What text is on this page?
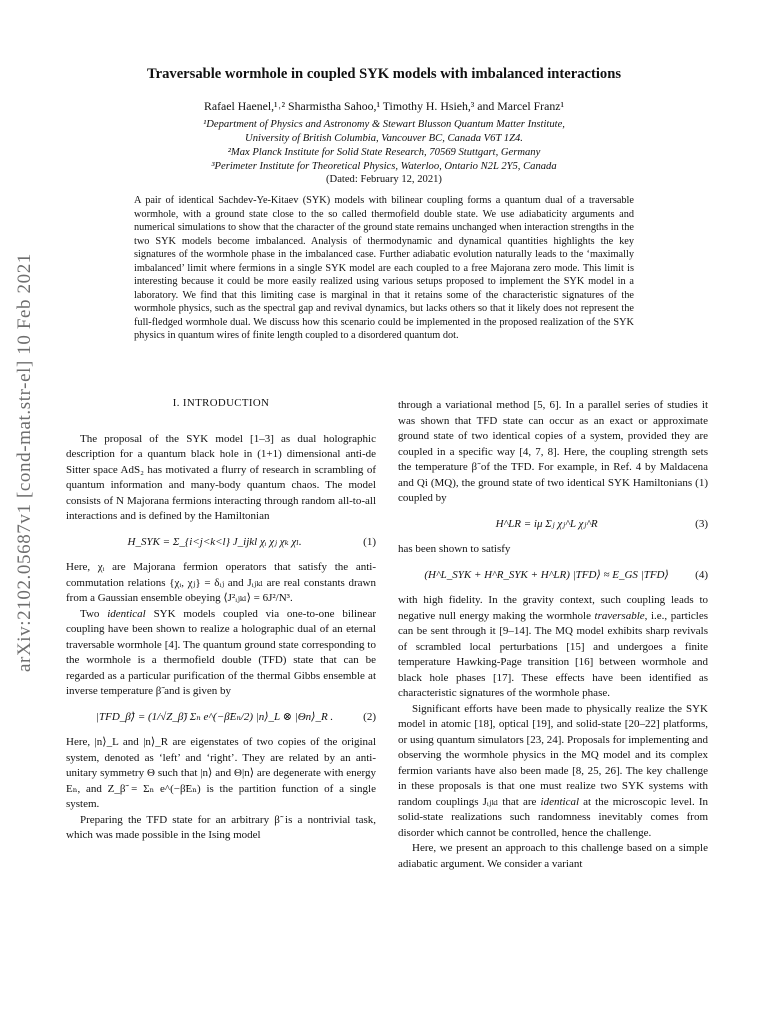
arXiv:2102.05687v1 [cond-mat.str-el] 10 Feb 2021
Traversable wormhole in coupled SYK models with imbalanced interactions
Rafael Haenel,¹˒² Sharmistha Sahoo,¹ Timothy H. Hsieh,³ and Marcel Franz¹
¹Department of Physics and Astronomy & Stewart Blusson Quantum Matter Institute,
University of British Columbia, Vancouver BC, Canada V6T 1Z4.
²Max Planck Institute for Solid State Research, 70569 Stuttgart, Germany
³Perimeter Institute for Theoretical Physics, Waterloo, Ontario N2L 2Y5, Canada
(Dated: February 12, 2021)
A pair of identical Sachdev-Ye-Kitaev (SYK) models with bilinear coupling forms a quantum dual of a traversable wormhole, with a ground state close to the so called thermofield double state. We use adiabaticity arguments and numerical simulations to show that the character of the ground state remains unchanged when interaction strengths in the two SYK models become imbalanced. Analysis of thermodynamic and dynamical quantities highlights the key signatures of the wormhole phase in the imbalanced case. Further adiabatic evolution naturally leads to the ‘maximally imbalanced’ limit where fermions in a single SYK model are each coupled to a free Majorana zero mode. This limit is interesting because it could be more easily realized using various setups proposed to implement the SYK model in a laboratory. We find that this limiting case is marginal in that it retains some of the characteristic signatures of the wormhole physics, such as the spectral gap and revival dynamics, but lacks others so that it likely does not represent the full-fledged wormhole dual. We discuss how this scenario could be implemented in the proposed realization of the SYK physics in quantum wires of finite length coupled to a disordered quantum dot.
I. INTRODUCTION

The proposal of the SYK model [1–3] as dual holographic description for a quantum black hole in (1+1) dimensional anti-de Sitter space AdS₂ has motivated a flurry of research in scrambling of quantum information and many-body quantum chaos. The model consists of N Majorana fermions interacting through random all-to-all interactions and is defined by the Hamiltonian

H_SYK = Σ_{i<j<k<l} J_ijkl χᵢ χⱼ χₖ χₗ.	(1)

Here, χᵢ are Majorana fermion operators that satisfy the anti-commutation relations {χᵢ, χⱼ} = δᵢⱼ and Jᵢⱼₖₗ are real constants drawn from a Gaussian ensemble obeying ⟨J²ᵢⱼₖₗ⟩ = 6J²/N³.

Two identical SYK models coupled via one-to-one bilinear coupling have been shown to realize a holographic dual of an eternal traversable wormhole [4]. The quantum ground state corresponding to the wormhole is a thermofield double (TFD) state that can be regarded as a particular purification of the thermal Gibbs ensemble at inverse temperature β̃ and is given by

|TFD_β̃⟩ = (1/√Z_β̃) Σₙ e^(−β̃Eₙ/2) |n⟩_L ⊗ |Θn⟩_R .	(2)

Here, |n⟩_L and |n⟩_R are eigenstates of two copies of the original system, denoted as ‘left’ and ‘right’. They are related by an anti-unitary symmetry Θ such that |n⟩ and Θ|n⟩ are degenerate with energy Eₙ, and Z_β̃ = Σₙ e^(−β̃Eₙ) is the partition function of a single system.

Preparing the TFD state for an arbitrary β̃ is a nontrivial task, which was made possible in the Ising model

through a variational method [5, 6]. In a parallel series of studies it was shown that TFD state can occur as an exact or approximate ground state of two identical copies of a system, provided they are coupled in a specific way [4, 7, 8]. Here, the coupling strength sets the temperature β̃ of the TFD. For example, in Ref. 4 by Maldacena and Qi (MQ), the ground state of two identical SYK Hamiltonians (1) coupled by

H^LR = iμ Σⱼ χⱼ^L χⱼ^R	(3)

has been shown to satisfy

(H^L_SYK + H^R_SYK + H^LR) |TFD⟩ ≈ E_GS |TFD⟩	(4)

with high fidelity. In the gravity context, such coupling leads to negative null energy making the wormhole traversable, i.e., particles can be sent through it [9–14]. The MQ model exhibits sharp revivals of scrambled local perturbations [15] and undergoes a finite temperature Hawking-Page transition [16] between wormhole and black hole phases [17]. These effects have been identified as characteristic signatures of the wormhole phase.

Significant efforts have been made to physically realize the SYK model in atomic [18], optical [19], and solid-state [20–22] platforms, or using quantum simulators [23, 24]. Proposals for implementing and observing the wormhole physics in the MQ model and its complex fermion variants have also been made [8, 25, 26]. The key challenge in these proposals is that one must realize two SYK systems with random couplings Jᵢⱼₖₗ that are identical at the microscopic level. In solid-state realizations such randomness inevitably comes from disorder which cannot be controlled, hence the challenge.

Here, we present an approach to this challenge based on a simple adiabatic argument. We consider a variant
